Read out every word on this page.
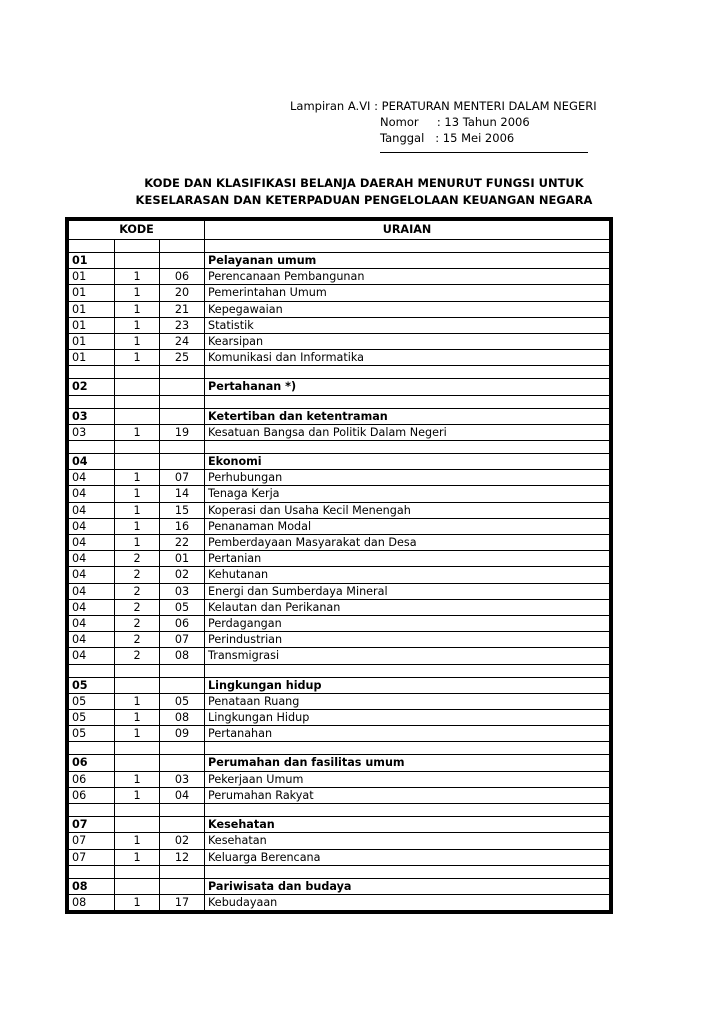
Lampiran A.VI : PERATURAN MENTERI DALAM NEGERI
Nomor     : 13 Tahun 2006
Tanggal   : 15 Mei 2006
KODE DAN KLASIFIKASI BELANJA DAERAH MENURUT FUNGSI UNTUK
KESELARASAN DAN KETERPADUAN PENGELOLAAN KEUANGAN NEGARA
KODE			URAIAN

01			Pelayanan umum
01	1	06	Perencanaan Pembangunan
01	1	20	Pemerintahan Umum
01	1	21	Kepegawaian
01	1	23	Statistik
01	1	24	Kearsipan
01	1	25	Komunikasi dan Informatika

02			Pertahanan *)

03			Ketertiban dan ketentraman
03	1	19	Kesatuan Bangsa dan Politik Dalam Negeri

04			Ekonomi
04	1	07	Perhubungan
04	1	14	Tenaga Kerja
04	1	15	Koperasi dan Usaha Kecil Menengah
04	1	16	Penanaman Modal
04	1	22	Pemberdayaan Masyarakat dan Desa
04	2	01	Pertanian
04	2	02	Kehutanan
04	2	03	Energi dan Sumberdaya Mineral
04	2	05	Kelautan dan Perikanan
04	2	06	Perdagangan
04	2	07	Perindustrian
04	2	08	Transmigrasi

05			Lingkungan hidup
05	1	05	Penataan Ruang
05	1	08	Lingkungan Hidup
05	1	09	Pertanahan

06			Perumahan dan fasilitas umum
06	1	03	Pekerjaan Umum
06	1	04	Perumahan Rakyat

07			Kesehatan
07	1	02	Kesehatan
07	1	12	Keluarga Berencana

08			Pariwisata dan budaya
08	1	17	Kebudayaan
